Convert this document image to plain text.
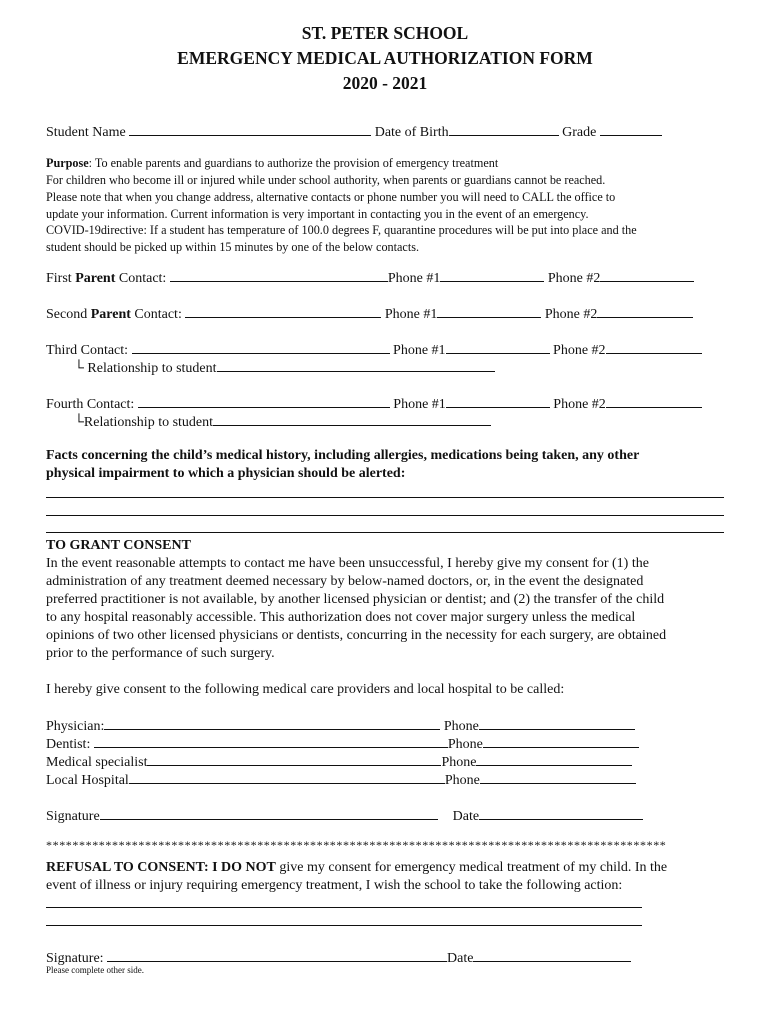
ST. PETER SCHOOL
EMERGENCY MEDICAL AUTHORIZATION FORM
2020 - 2021
Student Name	Date of Birth	Grade
Purpose: To enable parents and guardians to authorize the provision of emergency treatment
For children who become ill or injured while under school authority, when parents or guardians cannot be reached.
Please note that when you change address, alternative contacts or phone number you will need to CALL the office to
update your information. Current information is very important in contacting you in the event of an emergency.
COVID-19directive: If a student has temperature of 100.0 degrees F, quarantine procedures will be put into place and the
student should be picked up within 15 minutes by one of the below contacts.
First Parent Contact:	Phone #1	Phone #2
Second Parent Contact:	Phone #1	Phone #2
Third Contact:	Phone #1	Phone #2
└ Relationship to student
Fourth Contact:	Phone #1	Phone #2
└Relationship to student
Facts concerning the child’s medical history, including allergies, medications being taken, any other
physical impairment to which a physician should be alerted:
TO GRANT CONSENT
In the event reasonable attempts to contact me have been unsuccessful, I hereby give my consent for (1) the
administration of any treatment deemed necessary by below-named doctors, or, in the event the designated
preferred practitioner is not available, by another licensed physician or dentist; and (2) the transfer of the child
to any hospital reasonably accessible. This authorization does not cover major surgery unless the medical
opinions of two other licensed physicians or dentists, concurring in the necessity for each surgery, are obtained
prior to the performance of such surgery.
I hereby give consent to the following medical care providers and local hospital to be called:
Physician:	Phone
Dentist:	Phone
Medical specialist	Phone
Local Hospital	Phone
Signature	Date
**********************************************************************************************
REFUSAL TO CONSENT: I DO NOT give my consent for emergency medical treatment of my child. In the
event of illness or injury requiring emergency treatment, I wish the school to take the following action:
Signature:	Date
Please complete other side.
